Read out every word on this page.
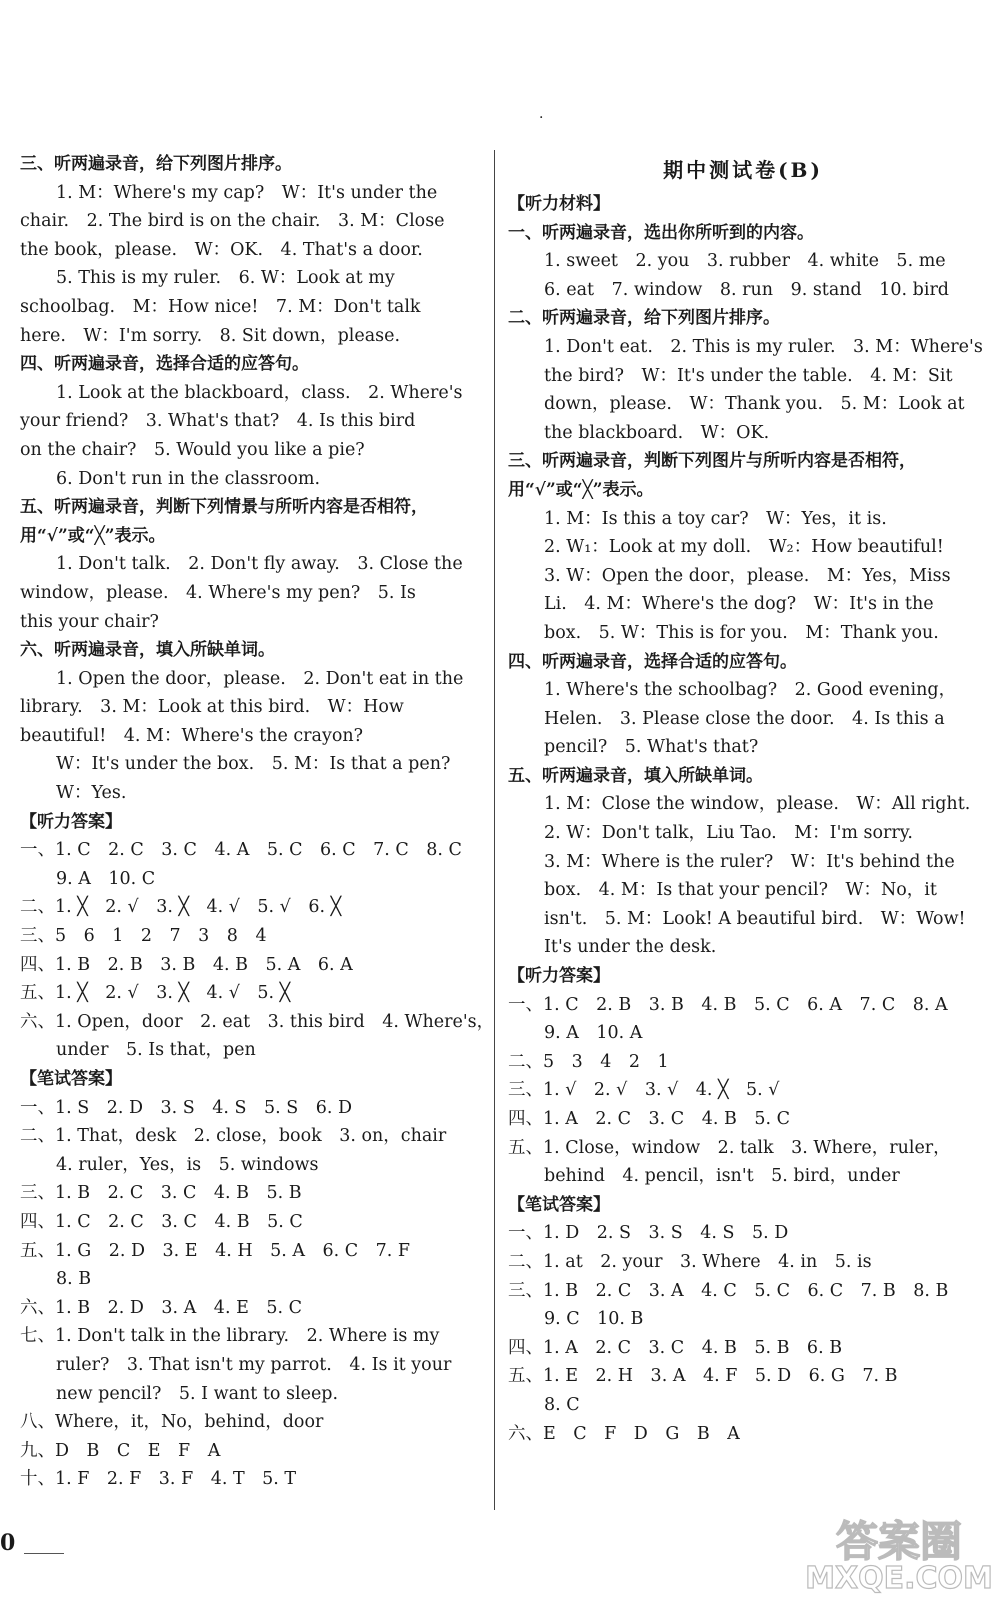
·
三、听两遍录音，给下列图片排序。
1. M：Where's my cap?　W：It's under the
chair.　2. The bird is on the chair.　3. M：Close
the book，please.　W：OK.　4. That's a door.
5. This is my ruler.　6. W：Look at my
schoolbag.　M：How nice!　7. M：Don't talk
here.　W：I'm sorry.　8. Sit down，please.
四、听两遍录音，选择合适的应答句。
1. Look at the blackboard，class.　2. Where's
your friend?　3. What's that?　4. Is this bird
on the chair?　5. Would you like a pie?
6. Don't run in the classroom.
五、听两遍录音，判断下列情景与所听内容是否相符，
用“√”或“╳”表示。
1. Don't talk.　2. Don't fly away.　3. Close the
window，please.　4. Where's my pen?　5. Is
this your chair?
六、听两遍录音，填入所缺单词。
1. Open the door，please.　2. Don't eat in the
library.　3. M：Look at this bird.　W：How
beautiful!　4. M：Where's the crayon?
W：It's under the box.　5. M：Is that a pen?
W：Yes.
【听力答案】
一、1. C　2. C　3. C　4. A　5. C　6. C　7. C　8. C
9. A　10. C
二、1. ╳　2. √　3. ╳　4. √　5. √　6. ╳
三、5　6　1　2　7　3　8　4
四、1. B　2. B　3. B　4. B　5. A　6. A
五、1. ╳　2. √　3. ╳　4. √　5. ╳
六、1. Open，door　2. eat　3. this bird　4. Where's，
under　5. Is that，pen
【笔试答案】
一、1. S　2. D　3. S　4. S　5. S　6. D
二、1. That，desk　2. close，book　3. on，chair
4. ruler，Yes，is　5. windows
三、1. B　2. C　3. C　4. B　5. B
四、1. C　2. C　3. C　4. B　5. C
五、1. G　2. D　3. E　4. H　5. A　6. C　7. F
8. B
六、1. B　2. D　3. A　4. E　5. C
七、1. Don't talk in the library.　2. Where is my
ruler?　3. That isn't my parrot.　4. Is it your
new pencil?　5. I want to sleep.
八、Where，it，No，behind，door
九、D　B　C　E　F　A
十、1. F　2. F　3. F　4. T　5. T
期中测试卷(B)
【听力材料】
一、听两遍录音，选出你所听到的内容。
1. sweet　2. you　3. rubber　4. white　5. me
6. eat　7. window　8. run　9. stand　10. bird
二、听两遍录音，给下列图片排序。
1. Don't eat.　2. This is my ruler.　3. M：Where's
the bird?　W：It's under the table.　4. M：Sit
down，please.　W：Thank you.　5. M：Look at
the blackboard.　W：OK.
三、听两遍录音，判断下列图片与所听内容是否相符，
用“√”或“╳”表示。
1. M：Is this a toy car?　W：Yes，it is.
2. W₁：Look at my doll.　W₂：How beautiful!
3. W：Open the door，please.　M：Yes，Miss
Li.　4. M：Where's the dog?　W：It's in the
box.　5. W：This is for you.　M：Thank you.
四、听两遍录音，选择合适的应答句。
1. Where's the schoolbag?　2. Good evening，
Helen.　3. Please close the door.　4. Is this a
pencil?　5. What's that?
五、听两遍录音，填入所缺单词。
1. M：Close the window，please.　W：All right.
2. W：Don't talk，Liu Tao.　M：I'm sorry.
3. M：Where is the ruler?　W：It's behind the
box.　4. M：Is that your pencil?　W：No，it
isn't.　5. M：Look! A beautiful bird.　W：Wow!
It's under the desk.
【听力答案】
一、1. C　2. B　3. B　4. B　5. C　6. A　7. C　8. A
9. A　10. A
二、5　3　4　2　1
三、1. √　2. √　3. √　4. ╳　5. √
四、1. A　2. C　3. C　4. B　5. C
五、1. Close，window　2. talk　3. Where，ruler，
behind　4. pencil，isn't　5. bird，under
【笔试答案】
一、1. D　2. S　3. S　4. S　5. D
二、1. at　2. your　3. Where　4. in　5. is
三、1. B　2. C　3. A　4. C　5. C　6. C　7. B　8. B
9. C　10. B
四、1. A　2. C　3. C　4. B　5. B　6. B
五、1. E　2. H　3. A　4. F　5. D　6. G　7. B
8. C
六、E　C　F　D　G　B　A
0	答案圈
MXQE.COM
